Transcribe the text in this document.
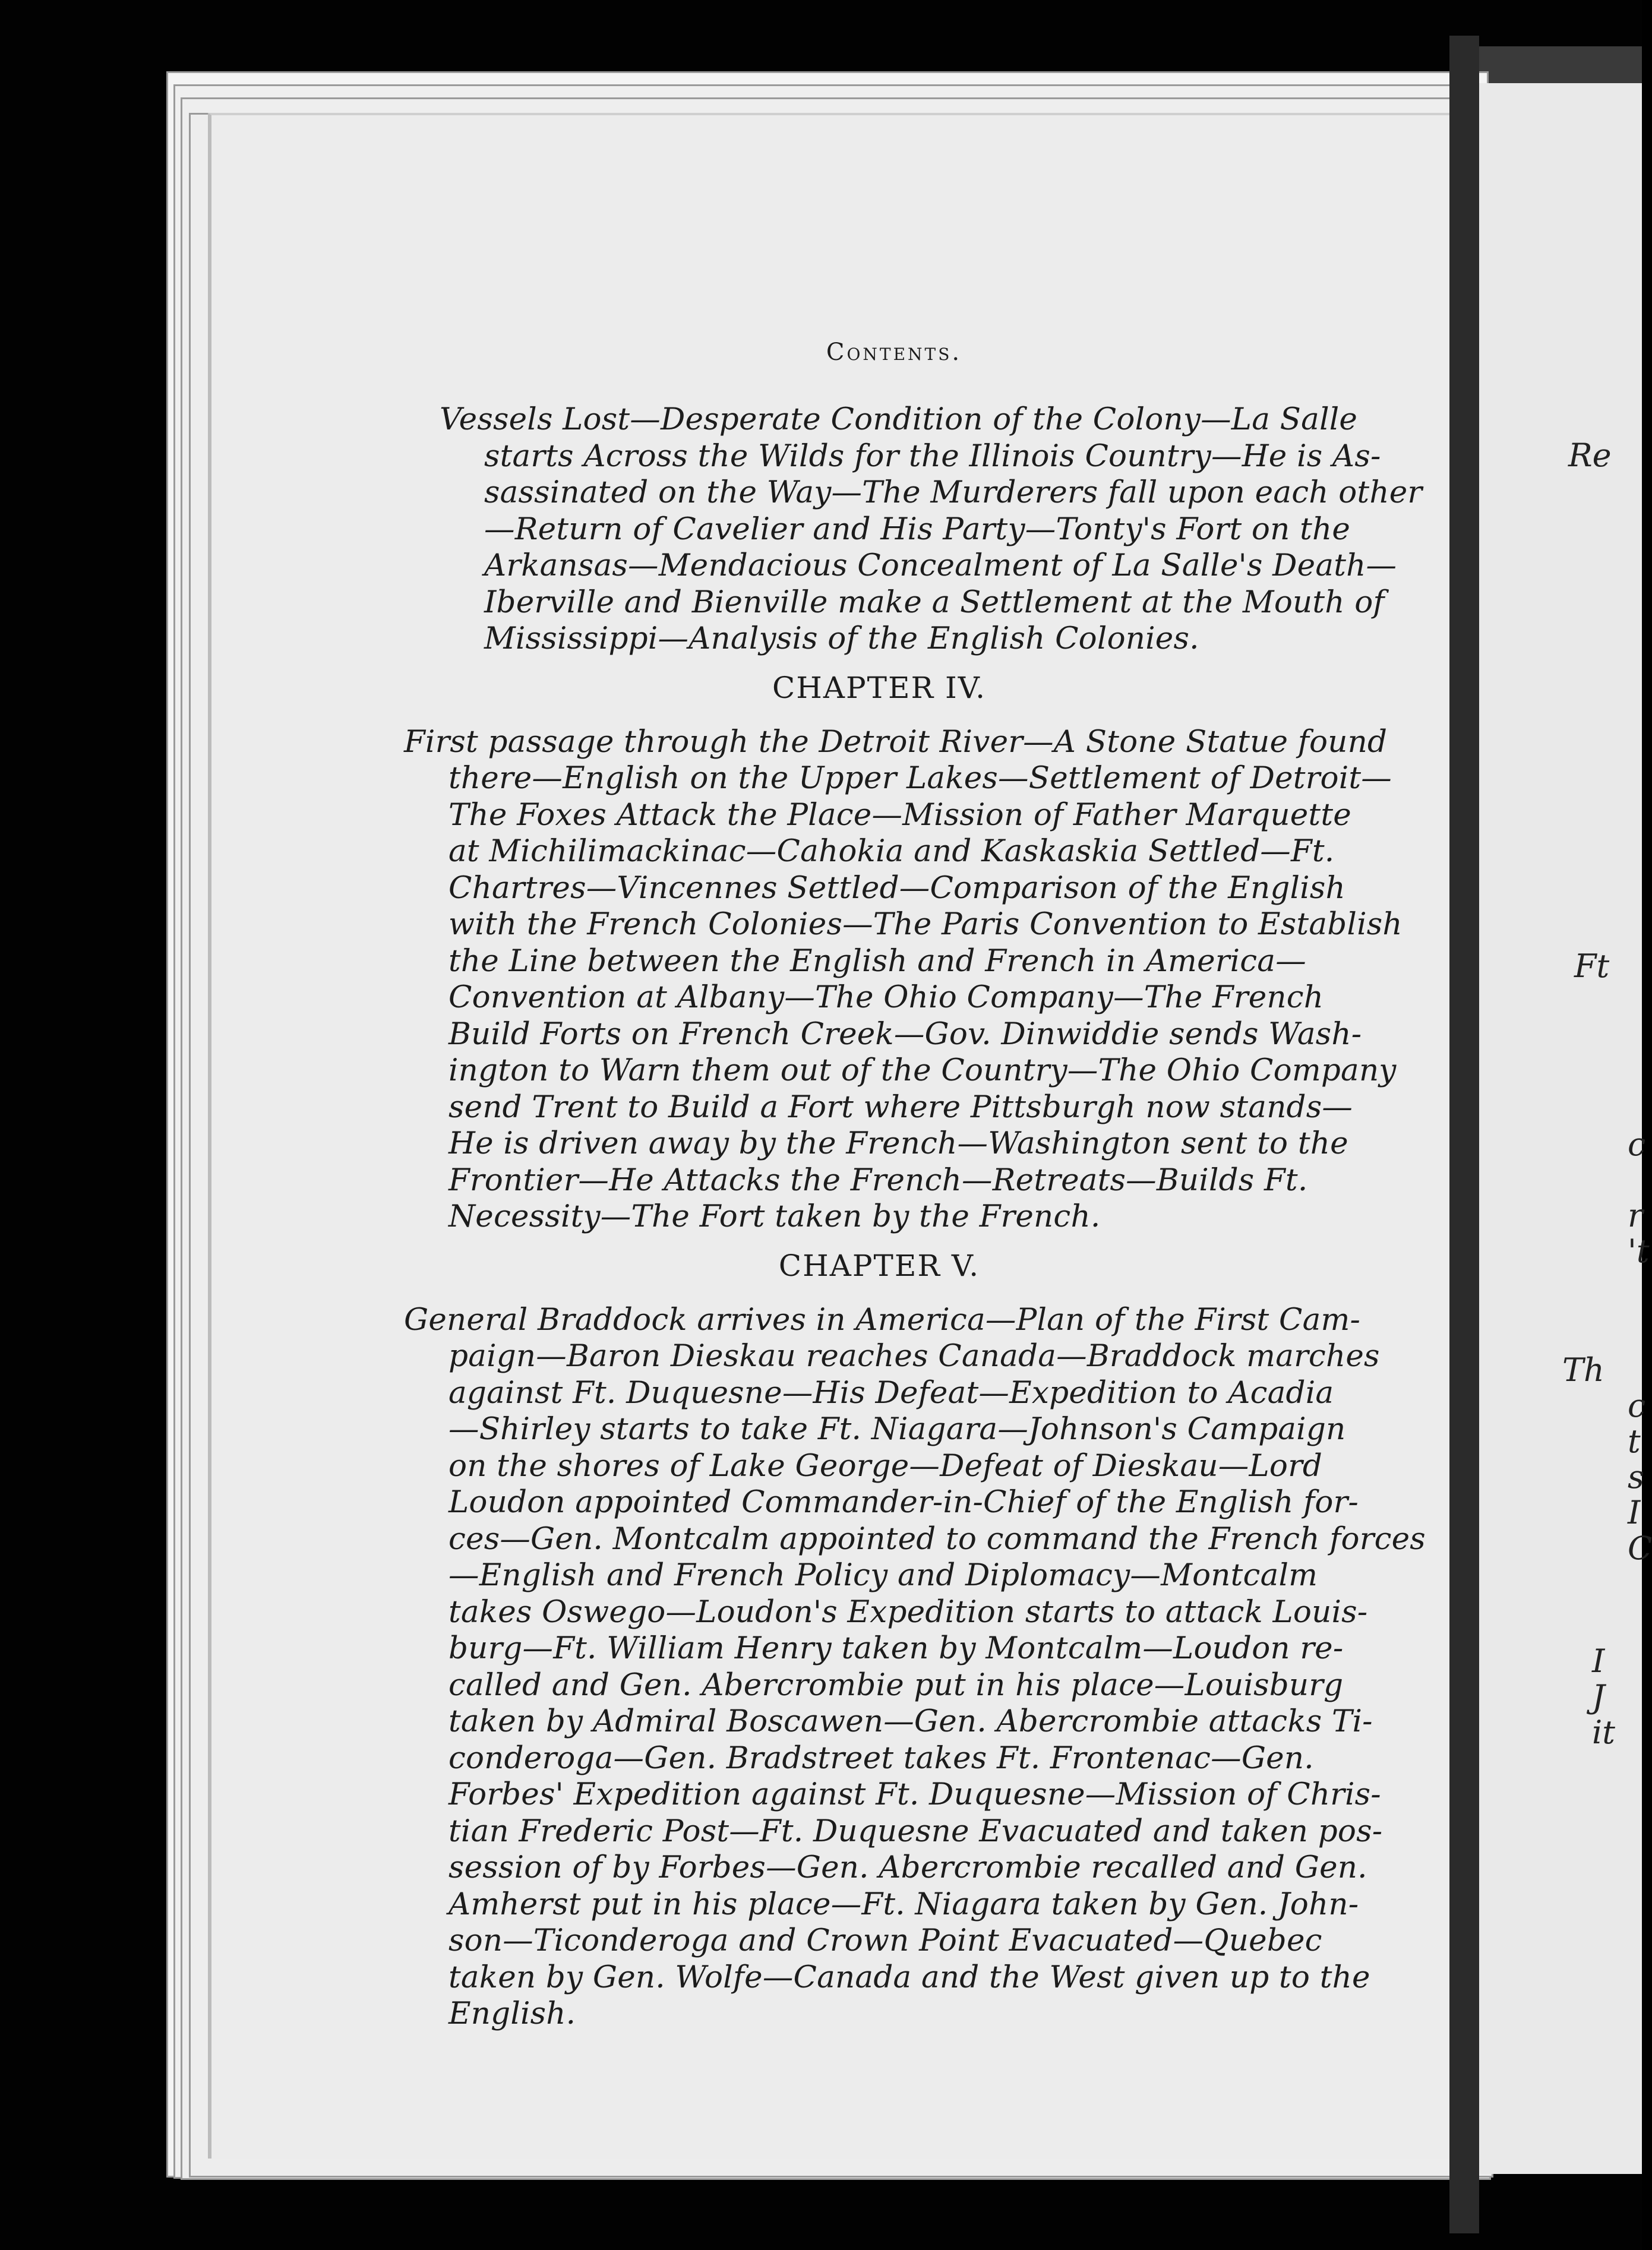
Re
Ft
Th
c
t
s
I
C
I
J
it
c
r
't
Contents.
Vessels Lost—Desperate Condition of the Colony—La Salle
starts Across the Wilds for the Illinois Country—He is As-
sassinated on the Way—The Murderers fall upon each other
—Return of Cavelier and His Party—Tonty's Fort on the
Arkansas—Mendacious Concealment of La Salle's Death—
Iberville and Bienville make a Settlement at the Mouth of
Mississippi—Analysis of the English Colonies.
CHAPTER IV.
First passage through the Detroit River—A Stone Statue found
there—English on the Upper Lakes—Settlement of Detroit—
The Foxes Attack the Place—Mission of Father Marquette
at Michilimackinac—Cahokia and Kaskaskia Settled—Ft.
Chartres—Vincennes Settled—Comparison of the English
with the French Colonies—The Paris Convention to Establish
the Line between the English and French in America—
Convention at Albany—The Ohio Company—The French
Build Forts on French Creek—Gov. Dinwiddie sends Wash-
ington to Warn them out of the Country—The Ohio Company
send Trent to Build a Fort where Pittsburgh now stands—
He is driven away by the French—Washington sent to the
Frontier—He Attacks the French—Retreats—Builds Ft.
Necessity—The Fort taken by the French.
CHAPTER V.
General Braddock arrives in America—Plan of the First Cam-
paign—Baron Dieskau reaches Canada—Braddock marches
against Ft. Duquesne—His Defeat—Expedition to Acadia
—Shirley starts to take Ft. Niagara—Johnson's Campaign
on the shores of Lake George—Defeat of Dieskau—Lord
Loudon appointed Commander-in-Chief of the English for-
ces—Gen. Montcalm appointed to command the French forces
—English and French Policy and Diplomacy—Montcalm
takes Oswego—Loudon's Expedition starts to attack Louis-
burg—Ft. William Henry taken by Montcalm—Loudon re-
called and Gen. Abercrombie put in his place—Louisburg
taken by Admiral Boscawen—Gen. Abercrombie attacks Ti-
conderoga—Gen. Bradstreet takes Ft. Frontenac—Gen.
Forbes' Expedition against Ft. Duquesne—Mission of Chris-
tian Frederic Post—Ft. Duquesne Evacuated and taken pos-
session of by Forbes—Gen. Abercrombie recalled and Gen.
Amherst put in his place—Ft. Niagara taken by Gen. John-
son—Ticonderoga and Crown Point Evacuated—Quebec
taken by Gen. Wolfe—Canada and the West given up to the
English.
